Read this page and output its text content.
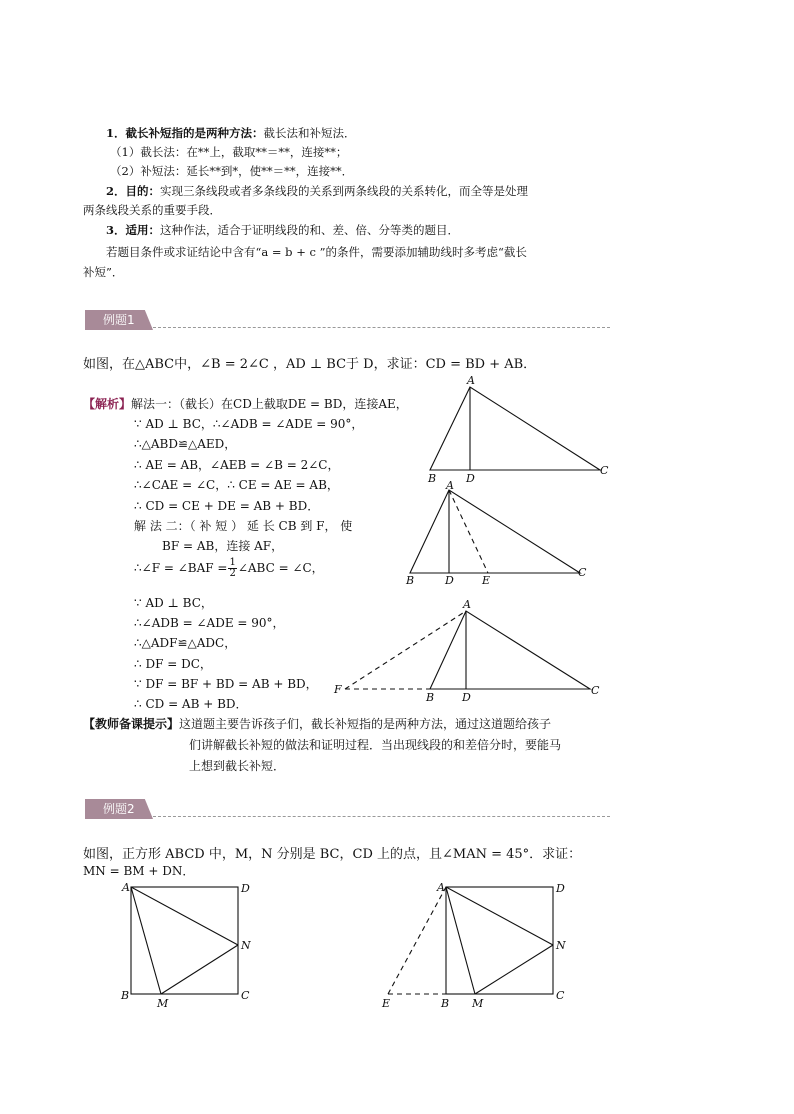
1．截长补短指的是两种方法：截长法和补短法．
（1）截长法：在**上，截取**＝**，连接**；
（2）补短法：延长**到*，使**＝**，连接**．
2．目的：实现三条线段或者多条线段的关系到两条线段的关系转化，而全等是处理
两条线段关系的重要手段．
3．适用：这种作法，适合于证明线段的和、差、倍、分等类的题目．
若题目条件或求证结论中含有“a = b + c ”的条件，需要添加辅助线时多考虑“截长
补短”．
例题1
如图，在△ABC中，∠B = 2∠C ，AD ⊥ BC于 D，求证：CD = BD + AB．
【解析】解法一：（截长）在CD上截取DE = BD，连接AE，
∵ AD ⊥ BC，∴∠ADB = ∠ADE = 90°，
∴△ABD≌△AED，
∴ AE = AB，∠AEB = ∠B = 2∠C，
∴∠CAE = ∠C，∴ CE = AE = AB，
∴ CD = CE + DE = AB + BD．
解 法 二：（ 补 短 ） 延 长 CB 到 F， 使
BF = AB，连接 AF，
∴∠F = ∠BAF = $\frac{1}{2}$ ∠ABC = ∠C，
∵ AD ⊥ BC，
∴∠ADB = ∠ADE = 90°，
∴△ADF≌△ADC，
∴ DF = DC，
∵ DF = BF + BD = AB + BD，
∴ CD = AB + BD．
【教师备课提示】这道题主要告诉孩子们，截长补短指的是两种方法，通过这道题给孩子
们讲解截长补短的做法和证明过程．当出现线段的和差倍分时，要能马
上想到截长补短．
A
B	D
C
A
B	D	E
C
A
F
B	D
C
A	D
N
B
M
C
A	D
N
E	B M
C
例题2
如图，正方形 ABCD 中，M，N 分别是 BC，CD 上的点，且∠MAN = 45°．求证：
MN = BM + DN．
